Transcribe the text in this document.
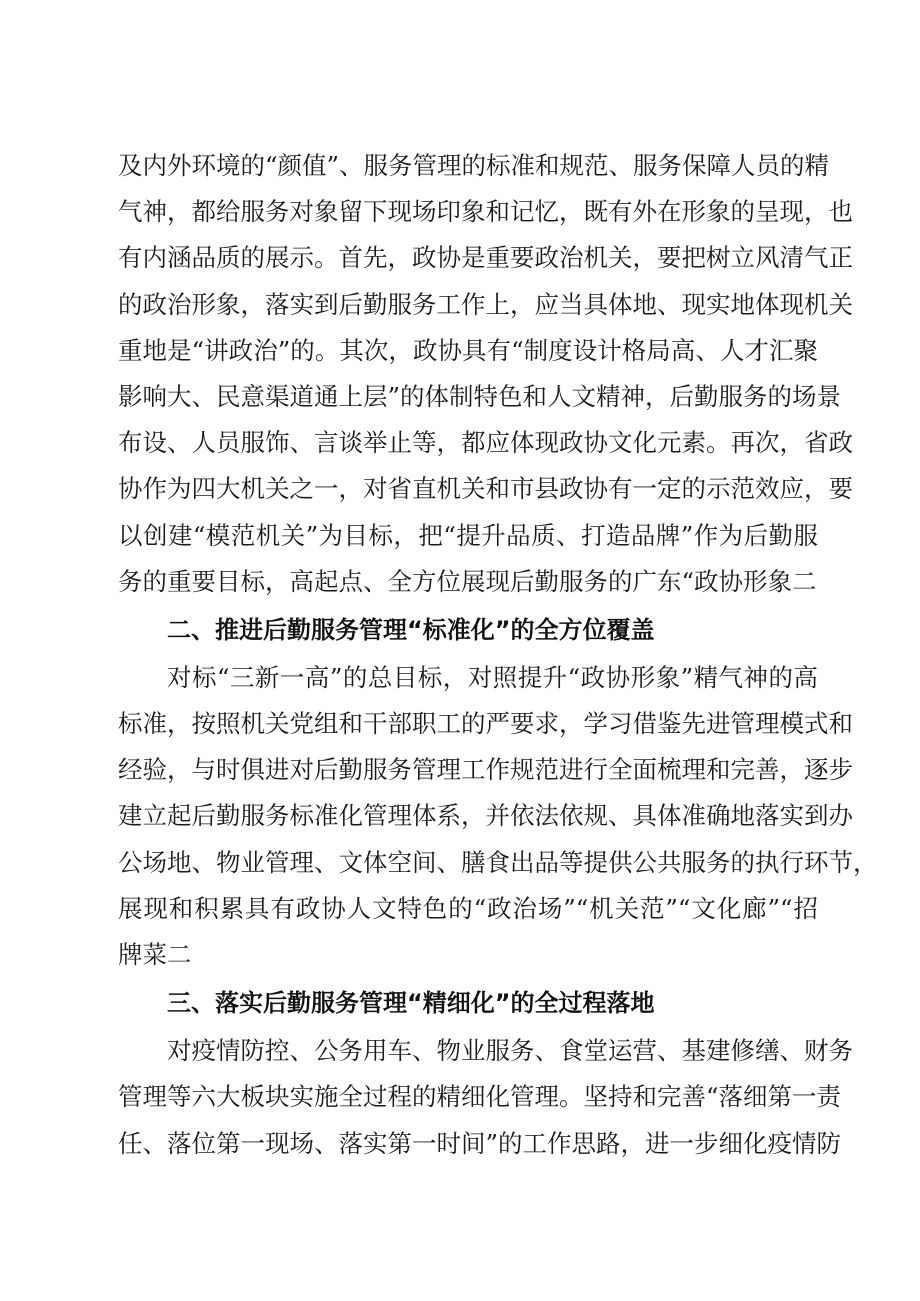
及内外环境的“颜值”、服务管理的标准和规范、服务保障人员的精
气神，都给服务对象留下现场印象和记忆，既有外在形象的呈现，也
有内涵品质的展示。首先，政协是重要政治机关，要把树立风清气正
的政治形象，落实到后勤服务工作上，应当具体地、现实地体现机关
重地是“讲政治”的。其次，政协具有“制度设计格局高、人才汇聚
影响大、民意渠道通上层”的体制特色和人文精神，后勤服务的场景
布设、人员服饰、言谈举止等，都应体现政协文化元素。再次，省政
协作为四大机关之一，对省直机关和市县政协有一定的示范效应，要
以创建“模范机关”为目标，把“提升品质、打造品牌”作为后勤服
务的重要目标，高起点、全方位展现后勤服务的广东“政协形象二
二、推进后勤服务管理“标准化”的全方位覆盖
对标“三新一高”的总目标，对照提升“政协形象”精气神的高
标准，按照机关党组和干部职工的严要求，学习借鉴先进管理模式和
经验，与时俱进对后勤服务管理工作规范进行全面梳理和完善，逐步
建立起后勤服务标准化管理体系，并依法依规、具体准确地落实到办
公场地、物业管理、文体空间、膳食出品等提供公共服务的执行环节，
展现和积累具有政协人文特色的“政治场”“机关范”“文化廊”“招
牌菜二
三、落实后勤服务管理“精细化”的全过程落地
对疫情防控、公务用车、物业服务、食堂运营、基建修缮、财务
管理等六大板块实施全过程的精细化管理。坚持和完善“落细第一责
任、落位第一现场、落实第一时间”的工作思路，进一步细化疫情防
